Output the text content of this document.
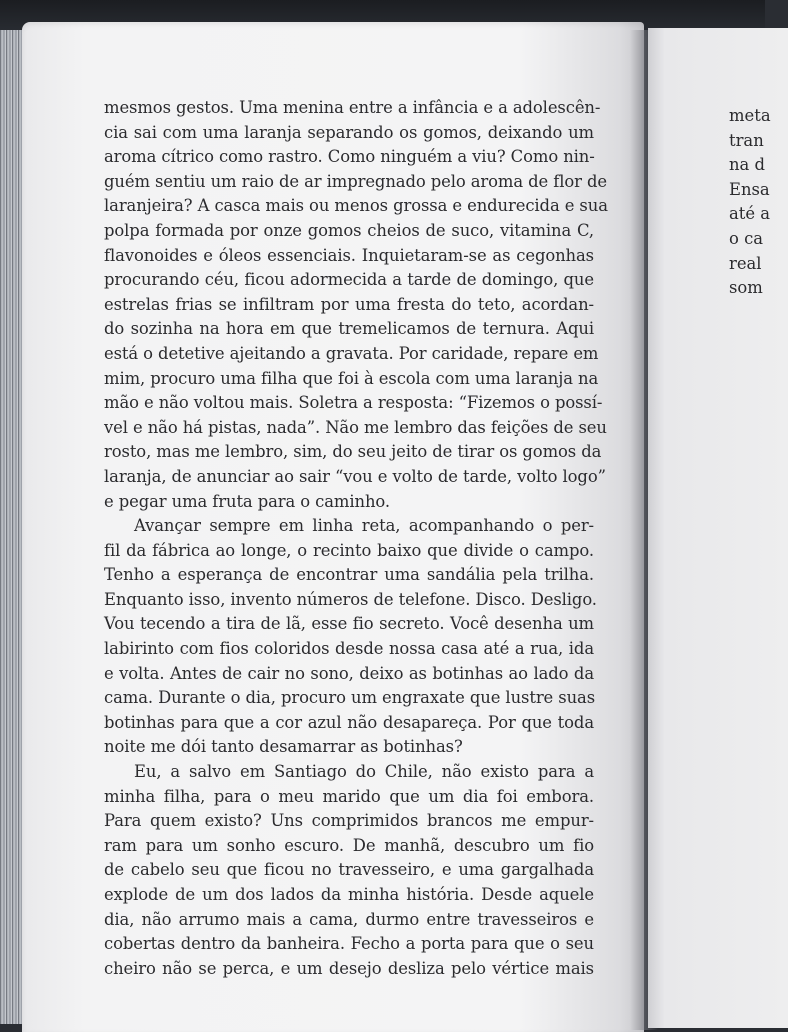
mesmos gestos. Uma menina entre a infância e a adolescên-
cia sai com uma laranja separando os gomos, deixando um
aroma cítrico como rastro. Como ninguém a viu? Como nin-
guém sentiu um raio de ar impregnado pelo aroma de flor de
laranjeira? A casca mais ou menos grossa e endurecida e sua
polpa formada por onze gomos cheios de suco, vitamina C,
flavonoides e óleos essenciais. Inquietaram-se as cegonhas
procurando céu, ficou adormecida a tarde de domingo, que
estrelas frias se infiltram por uma fresta do teto, acordan-
do sozinha na hora em que tremelicamos de ternura. Aqui
está o detetive ajeitando a gravata. Por caridade, repare em
mim, procuro uma filha que foi à escola com uma laranja na
mão e não voltou mais. Soletra a resposta: “Fizemos o possí-
vel e não há pistas, nada”. Não me lembro das feições de seu
rosto, mas me lembro, sim, do seu jeito de tirar os gomos da
laranja, de anunciar ao sair “vou e volto de tarde, volto logo”
e pegar uma fruta para o caminho.
Avançar sempre em linha reta, acompanhando o per-
fil da fábrica ao longe, o recinto baixo que divide o campo.
Tenho a esperança de encontrar uma sandália pela trilha.
Enquanto isso, invento números de telefone. Disco. Desligo.
Vou tecendo a tira de lã, esse fio secreto. Você desenha um
labirinto com fios coloridos desde nossa casa até a rua, ida
e volta. Antes de cair no sono, deixo as botinhas ao lado da
cama. Durante o dia, procuro um engraxate que lustre suas
botinhas para que a cor azul não desapareça. Por que toda
noite me dói tanto desamarrar as botinhas?
Eu, a salvo em Santiago do Chile, não existo para a
minha filha, para o meu marido que um dia foi embora.
Para quem existo? Uns comprimidos brancos me empur-
ram para um sonho escuro. De manhã, descubro um fio
de cabelo seu que ficou no travesseiro, e uma gargalhada
explode de um dos lados da minha história. Desde aquele
dia, não arrumo mais a cama, durmo entre travesseiros e
cobertas dentro da banheira. Fecho a porta para que o seu
cheiro não se perca, e um desejo desliza pelo vértice mais
meta
tran
na d
Ensa
até a
o ca
real
som
